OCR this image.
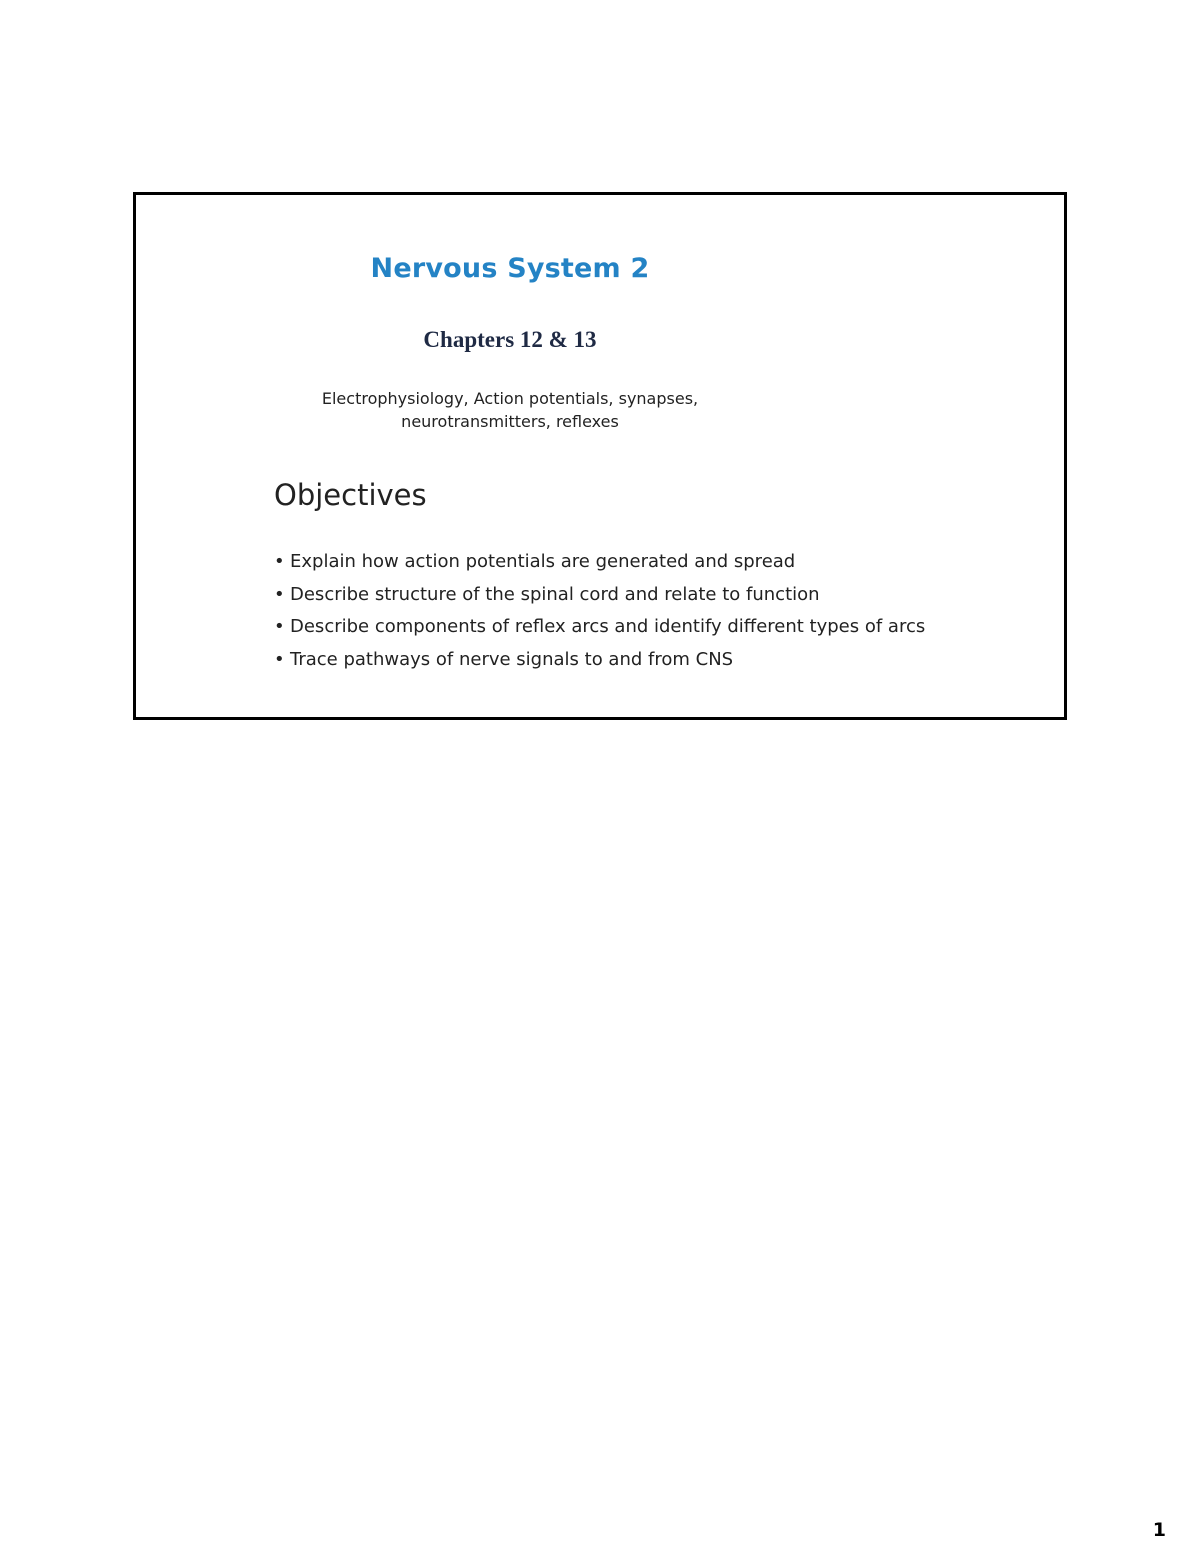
Nervous System 2
Chapters 12 & 13
Electrophysiology, Action potentials, synapses,
neurotransmitters, reflexes
Objectives
• Explain how action potentials are generated and spread
• Describe structure of the spinal cord and relate to function
• Describe components of reflex arcs and identify different types of arcs
• Trace pathways of nerve signals to and from CNS
1
